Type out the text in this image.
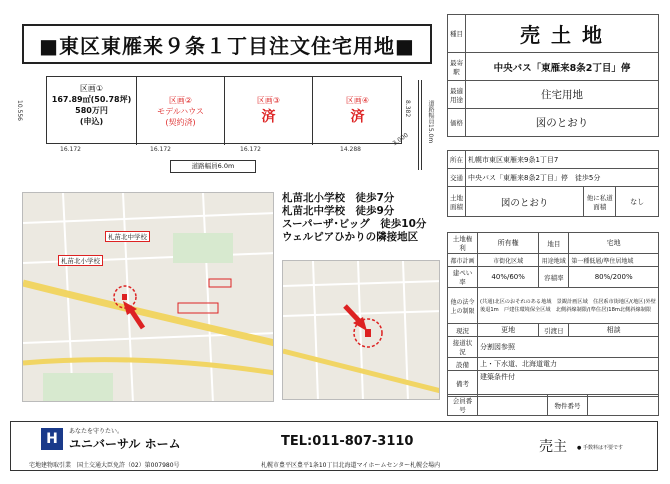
■東区東雁来９条１丁目注文住宅用地■
区画①
167.89㎡(50.78坪)
580万円
(申込)
区画②
モデルハウス
(契約済)
区画③
済
区画④
済
16.172	16.172	16.172	14.288
10.556	8.382
3.000	道路幅員15.0m
道路幅員6.0m
札苗北中学校
札苗北小学校
札苗北小学校　徒歩7分
札苗北中学校　徒歩9分
スーパーザ･ビッグ　徒歩10分
ウェルピアひかりの隣接地区
種目	売 土 地
最寄駅	中央バス「東雁来8条2丁目」停
最適用途	住宅用地
価格	図のとおり
所在	札幌市東区東雁来9条1丁目7		
交通	中央バス「東雁来8条2丁目」停　徒歩5分		
土地面積	図のとおり	他に私道面積	なし
土地権利	所有権	地目	宅地
都市計画	市街化区域	用途地域	第一種低層/準住居地域
建ぺい率	40%/60%	容積率	80%/200%
他の法令上の制限	(共通)北区のおそれのある地域　景観計画区域　住居系市街地区/(地区)外壁後退1m　戸建住環境保全区域　北側斜線制限/(準住居)18m北側斜線制限		
現況	更地	引渡日	相談
接道状況	分割図参照		
設備	上・下水道、北海道電力		
備考	建築条件付		
会員番号		物件番号	
H	あなたを守りたい。
ユニバーサル ホーム
宅地建物取引業　国土交通大臣免許（02）第007980号
TEL:011-807-3110
札幌市豊平区豊平1条10丁目北海道マイホームセンター札幌会場内
売主 ● 手数料は不要です
